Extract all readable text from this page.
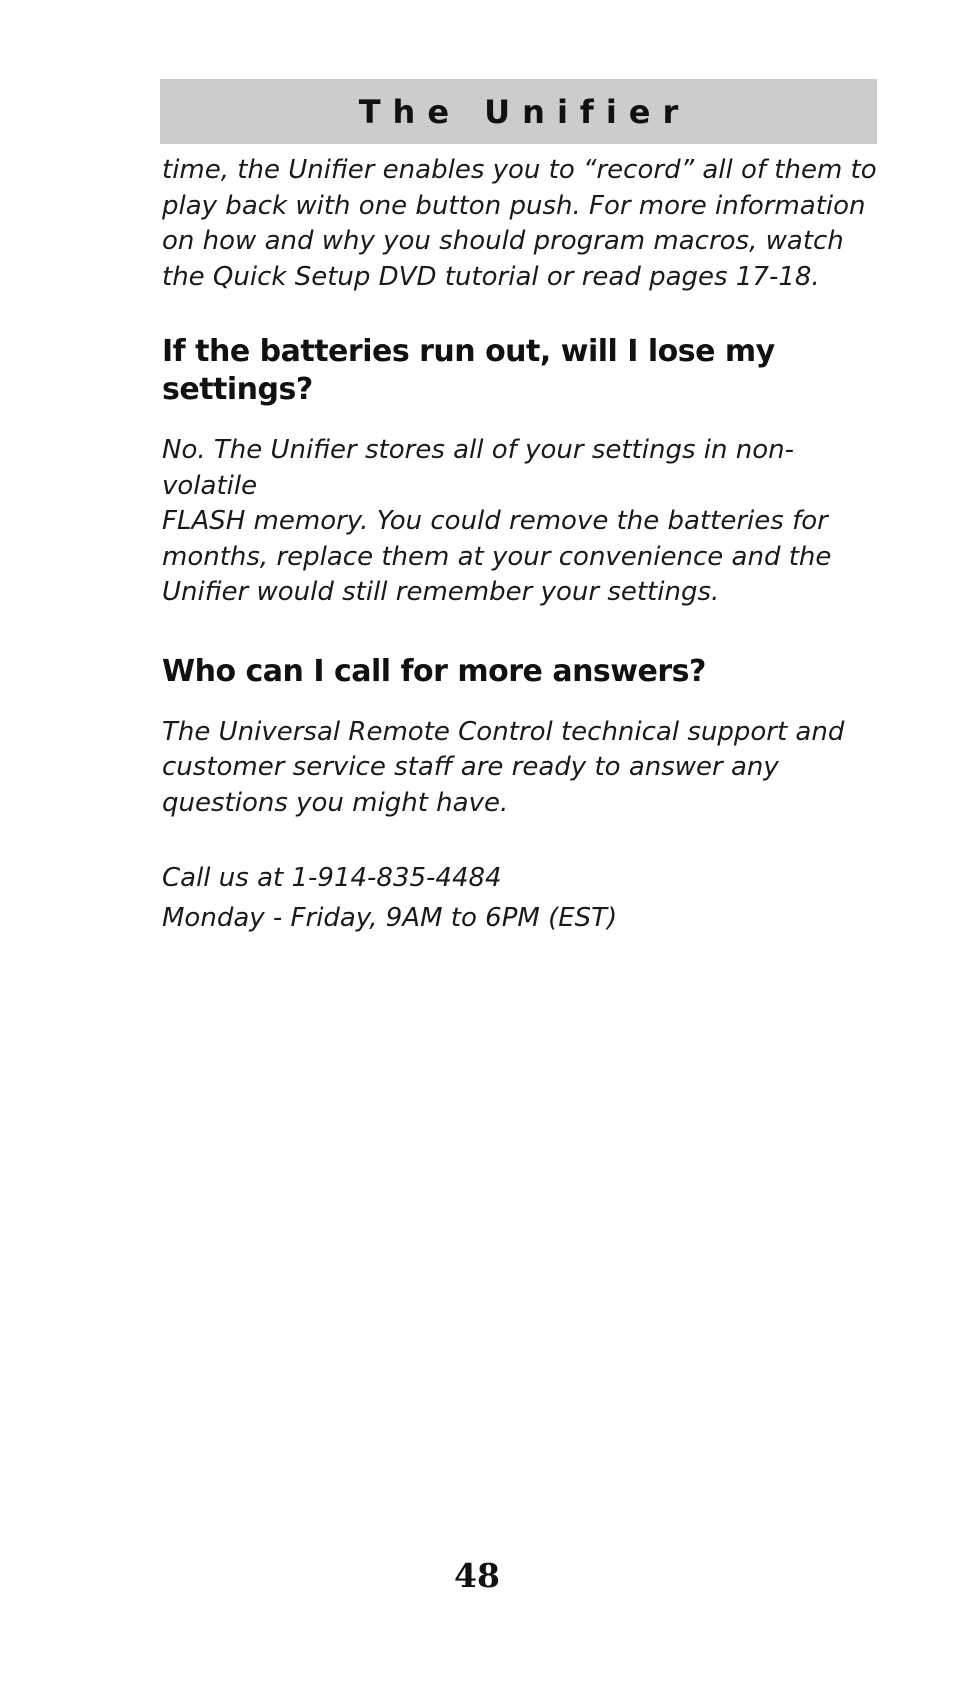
The Unifier

time, the Unifier enables you to “record” all of them to
play back with one button push. For more information
on how and why you should program macros, watch
the Quick Setup DVD tutorial or read pages 17-18.

If the batteries run out, will I lose my settings?

No. The Unifier stores all of your settings in non-volatile
FLASH memory. You could remove the batteries for
months, replace them at your convenience and the
Unifier would still remember your settings.

Who can I call for more answers?

The Universal Remote Control technical support and
customer service staff are ready to answer any
questions you might have.

Call us at 1-914-835-4484

Monday - Friday, 9AM to 6PM (EST)

48
